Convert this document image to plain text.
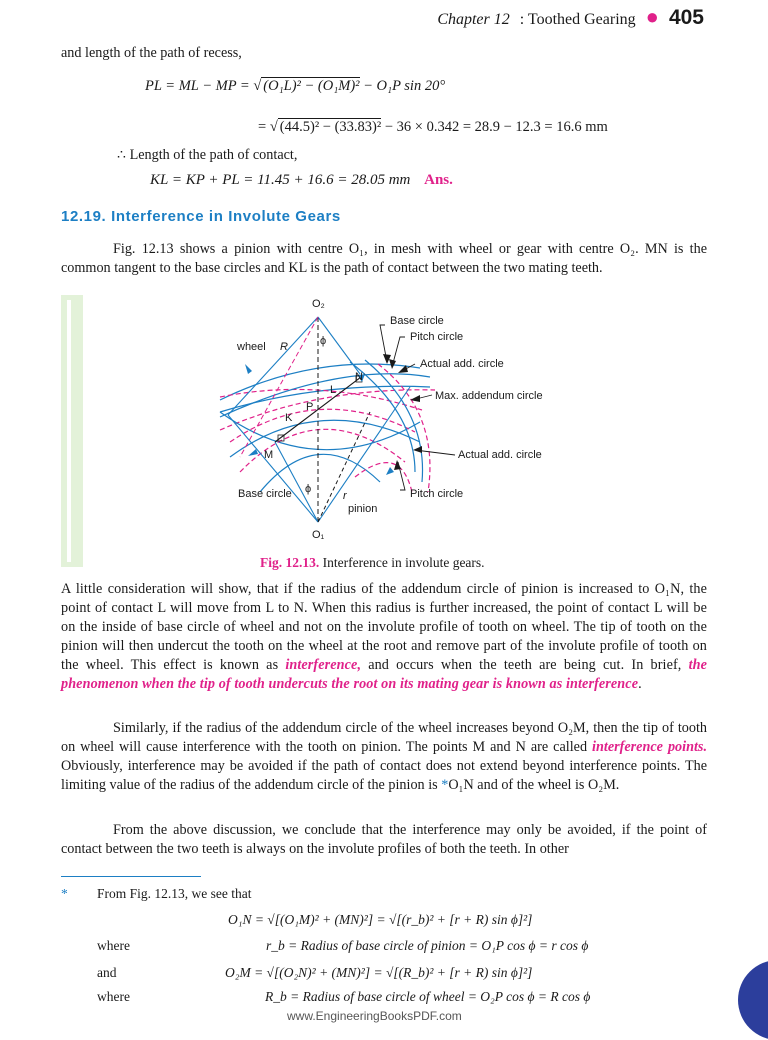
Chapter 12 : Toothed Gearing ● 405
and length of the path of recess,
PL = ML − MP = √ (O₁L)² − (O₁M)² − O₁P sin 20°
= √ (44.5)² − (33.83)² − 36 × 0.342 = 28.9 − 12.3 = 16.6 mm
∴ Length of the path of contact,
KL = KP + PL = 11.45 + 16.6 = 28.05 mm Ans.
12.19. Interference in Involute Gears

Fig. 12.13 shows a pinion with centre O₁, in mesh with wheel or gear with centre O₂. MN is the common tangent to the base circles and KL is the path of contact between the two mating teeth.

O₂
O₁
wheel R	ϕ
ϕ
r
pinion
N
L
P
K
M
Base circle
Pitch circle
Actual add. circle
Max. addendum circle
Actual add. circle
Base circle	Pitch circle
Fig. 12.13. Interference in involute gears.

A little consideration will show, that if the radius of the addendum circle of pinion is increased to O₁N, the point of contact L will move from L to N. When this radius is further increased, the point of contact L will be on the inside of base circle of wheel and not on the involute profile of tooth on wheel. The tip of tooth on the pinion will then undercut the tooth on the wheel at the root and remove part of the involute profile of tooth on the wheel. This effect is known as interference, and occurs when the teeth are being cut. In brief, the phenomenon when the tip of tooth undercuts the root on its mating gear is known as interference.

Similarly, if the radius of the addendum circle of the wheel increases beyond O₂M, then the tip of tooth on wheel will cause interference with the tooth on pinion. The points M and N are called interference points. Obviously, interference may be avoided if the path of contact does not extend beyond interference points. The limiting value of the radius of the addendum circle of the pinion is *O₁N and of the wheel is O₂M.

From the above discussion, we conclude that the interference may only be avoided, if the point of contact between the two teeth is always on the involute profiles of both the teeth. In other

* From Fig. 12.13, we see that
O₁N = √[(O₁M)² + (MN)²] = √[(r_b)² + [r + R) sin ϕ]²]
where	r_b = Radius of base circle of pinion = O₁P cos ϕ = r cos ϕ
and	O₂M = √[(O₂N)² + (MN)²] = √[(R_b)² + [r + R) sin ϕ]²]
where	R_b = Radius of base circle of wheel = O₂P cos ϕ = R cos ϕ
www.EngineeringBooksPDF.com
